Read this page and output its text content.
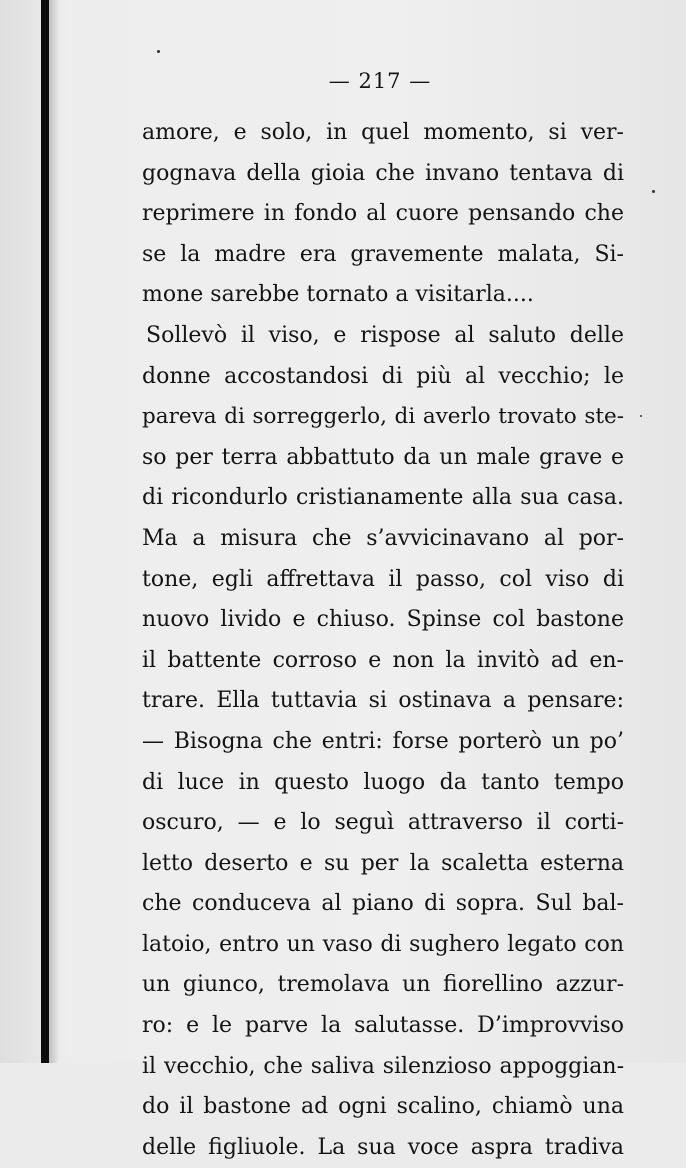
— 217 —
amore, e solo, in quel momento, si ver-
gognava della gioia che invano tentava di
reprimere in fondo al cuore pensando che
se la madre era gravemente malata, Si-
mone sarebbe tornato a visitarla....
Sollevò il viso, e rispose al saluto delle
donne accostandosi di più al vecchio; le
pareva di sorreggerlo, di averlo trovato ste-
so per terra abbattuto da un male grave e
di ricondurlo cristianamente alla sua casa.
Ma a misura che s’avvicinavano al por-
tone, egli affrettava il passo, col viso di
nuovo livido e chiuso. Spinse col bastone
il battente corroso e non la invitò ad en-
trare. Ella tuttavia si ostinava a pensare:
— Bisogna che entri: forse porterò un po’
di luce in questo luogo da tanto tempo
oscuro, — e lo seguì attraverso il corti-
letto deserto e su per la scaletta esterna
che conduceva al piano di sopra. Sul bal-
latoio, entro un vaso di sughero legato con
un giunco, tremolava un fiorellino azzur-
ro: e le parve la salutasse. D’improvviso
il vecchio, che saliva silenzioso appoggian-
do il bastone ad ogni scalino, chiamò una
delle figliuole. La sua voce aspra tradiva
